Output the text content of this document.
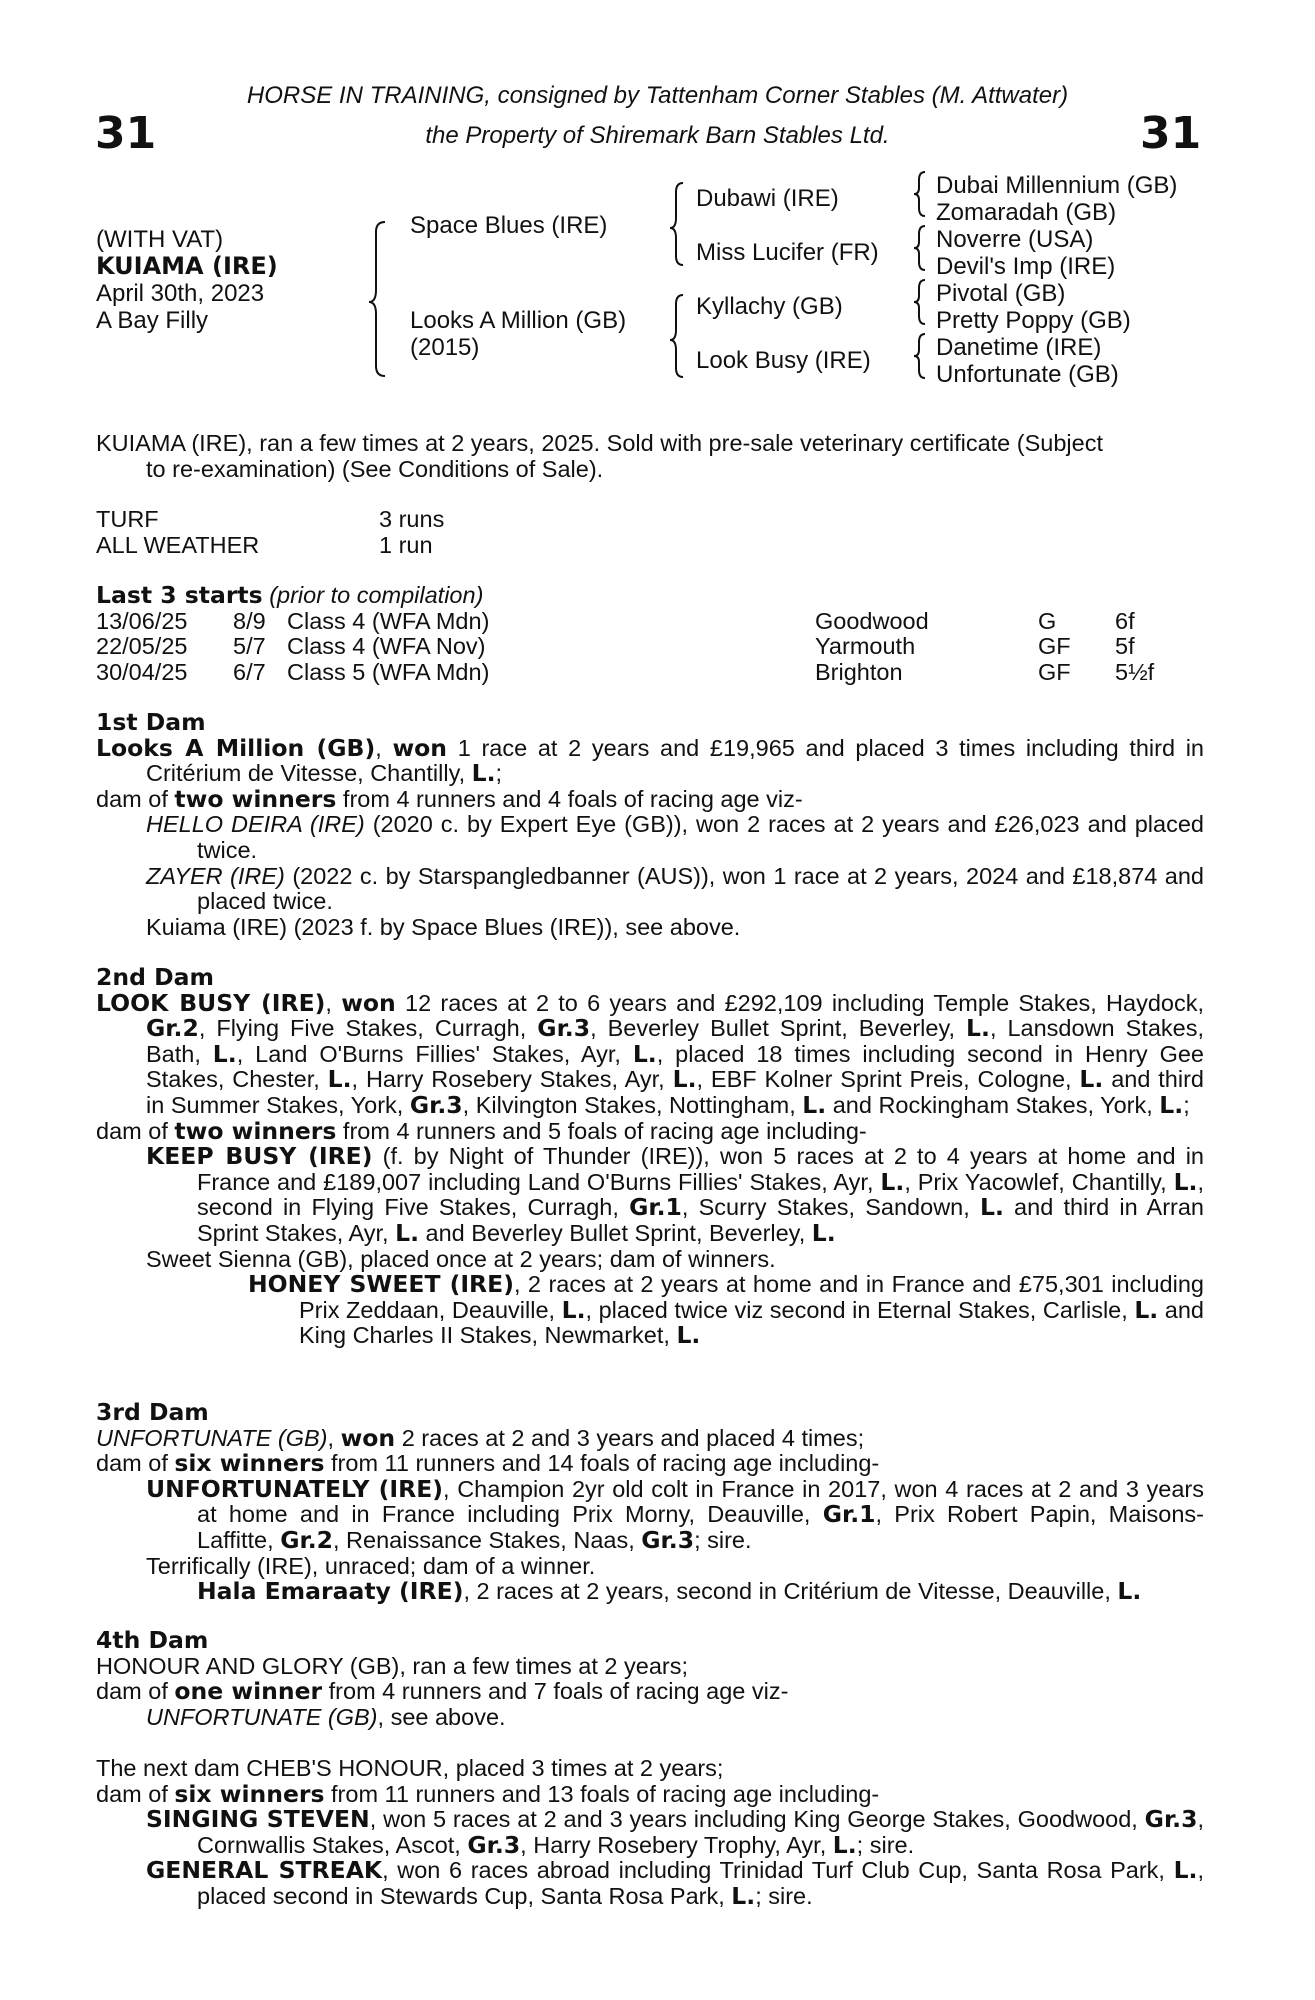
31	31
HORSE IN TRAINING, consigned by Tattenham Corner Stables (M. Attwater)
the Property of Shiremark Barn Stables Ltd.
(WITH VAT)
KUIAMA (IRE)
April 30th, 2023
A Bay Filly
Space Blues (IRE)
Looks A Million (GB)
(2015)
Dubawi (IRE)
Miss Lucifer (FR)
Kyllachy (GB)
Look Busy (IRE)
Dubai Millennium (GB)
Zomaradah (GB)
Noverre (USA)
Devil's Imp (IRE)
Pivotal (GB)
Pretty Poppy (GB)
Danetime (IRE)
Unfortunate (GB)

KUIAMA (IRE), ran a few times at 2 years, 2025. Sold with pre-sale veterinary certificate (Subject

to re-examination) (See Conditions of Sale).

TURF	3 runs
ALL WEATHER	1 run

Last 3 starts (prior to compilation)

13/06/25	8/9	Class 4 (WFA Mdn)	Goodwood	G	6f
22/05/25	5/7	Class 4 (WFA Nov)	Yarmouth	GF	5f
30/04/25	6/7	Class 5 (WFA Mdn)	Brighton	GF	5½f

1st Dam

Looks A Million (GB), won 1 race at 2 years and £19,965 and placed 3 times including third in Critérium de Vitesse, Chantilly, L.;

dam of two winners from 4 runners and 4 foals of racing age viz-

HELLO DEIRA (IRE) (2020 c. by Expert Eye (GB)), won 2 races at 2 years and £26,023 and placed twice.

ZAYER (IRE) (2022 c. by Starspangledbanner (AUS)), won 1 race at 2 years, 2024 and £18,874 and placed twice.

Kuiama (IRE) (2023 f. by Space Blues (IRE)), see above.

2nd Dam

LOOK BUSY (IRE), won 12 races at 2 to 6 years and £292,109 including Temple Stakes, Haydock, Gr.2, Flying Five Stakes, Curragh, Gr.3, Beverley Bullet Sprint, Beverley, L., Lansdown Stakes, Bath, L., Land O'Burns Fillies' Stakes, Ayr, L., placed 18 times including second in Henry Gee Stakes, Chester, L., Harry Rosebery Stakes, Ayr, L., EBF Kolner Sprint Preis, Cologne, L. and third in Summer Stakes, York, Gr.3, Kilvington Stakes, Nottingham, L. and Rockingham Stakes, York, L.;

dam of two winners from 4 runners and 5 foals of racing age including-

KEEP BUSY (IRE) (f. by Night of Thunder (IRE)), won 5 races at 2 to 4 years at home and in France and £189,007 including Land O'Burns Fillies' Stakes, Ayr, L., Prix Yacowlef, Chantilly, L., second in Flying Five Stakes, Curragh, Gr.1, Scurry Stakes, Sandown, L. and third in Arran Sprint Stakes, Ayr, L. and Beverley Bullet Sprint, Beverley, L.

Sweet Sienna (GB), placed once at 2 years; dam of winners.

HONEY SWEET (IRE), 2 races at 2 years at home and in France and £75,301 including Prix Zeddaan, Deauville, L., placed twice viz second in Eternal Stakes, Carlisle, L. and King Charles II Stakes, Newmarket, L.

3rd Dam

UNFORTUNATE (GB), won 2 races at 2 and 3 years and placed 4 times;

dam of six winners from 11 runners and 14 foals of racing age including-

UNFORTUNATELY (IRE), Champion 2yr old colt in France in 2017, won 4 races at 2 and 3 years at home and in France including Prix Morny, Deauville, Gr.1, Prix Robert Papin, Maisons-Laffitte, Gr.2, Renaissance Stakes, Naas, Gr.3; sire.

Terrifically (IRE), unraced; dam of a winner.

Hala Emaraaty (IRE), 2 races at 2 years, second in Critérium de Vitesse, Deauville, L.

4th Dam

HONOUR AND GLORY (GB), ran a few times at 2 years;

dam of one winner from 4 runners and 7 foals of racing age viz-

UNFORTUNATE (GB), see above.

The next dam CHEB'S HONOUR, placed 3 times at 2 years;

dam of six winners from 11 runners and 13 foals of racing age including-

SINGING STEVEN, won 5 races at 2 and 3 years including King George Stakes, Goodwood, Gr.3, Cornwallis Stakes, Ascot, Gr.3, Harry Rosebery Trophy, Ayr, L.; sire.

GENERAL STREAK, won 6 races abroad including Trinidad Turf Club Cup, Santa Rosa Park, L., placed second in Stewards Cup, Santa Rosa Park, L.; sire.
